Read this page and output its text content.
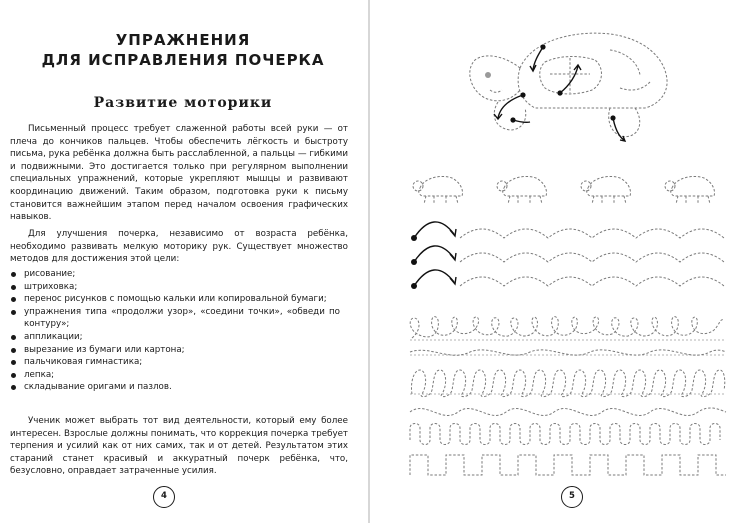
УПРАЖНЕНИЯ
ДЛЯ ИСПРАВЛЕНИЯ ПОЧЕРКА
Развитие моторики

Письменный процесс требует слаженной работы всей руки — от плеча до кончиков пальцев. Чтобы обеспечить лёгкость и быстроту письма, рука ребёнка должна быть расслабленной, а пальцы — гибкими и подвижными. Это достигается только при регулярном выполнении специальных упражнений, которые укрепляют мышцы и развивают координацию движений. Таким образом, подготовка руки к письму становится важнейшим этапом перед началом освоения графических навыков.

Для улучшения почерка, независимо от возраста ребёнка, необходимо развивать мелкую моторику рук. Существует множество методов для достижения этой цели:

рисование;
штриховка;
перенос рисунков с помощью кальки или копировальной бумаги;
упражнения типа «продолжи узор», «соедини точки», «обведи по контуру»;
аппликации;
вырезание из бумаги или картона;
пальчиковая гимнастика;
лепка;
складывание оригами и пазлов.

Ученик может выбрать тот вид деятельности, который ему более интересен. Взрослые должны понимать, что коррекция почерка требует терпения и усилий как от них самих, так и от детей. Результатом этих стараний станет красивый и аккуратный почерк ребёнка, что, безусловно, оправдает затраченные усилия.

4	5
